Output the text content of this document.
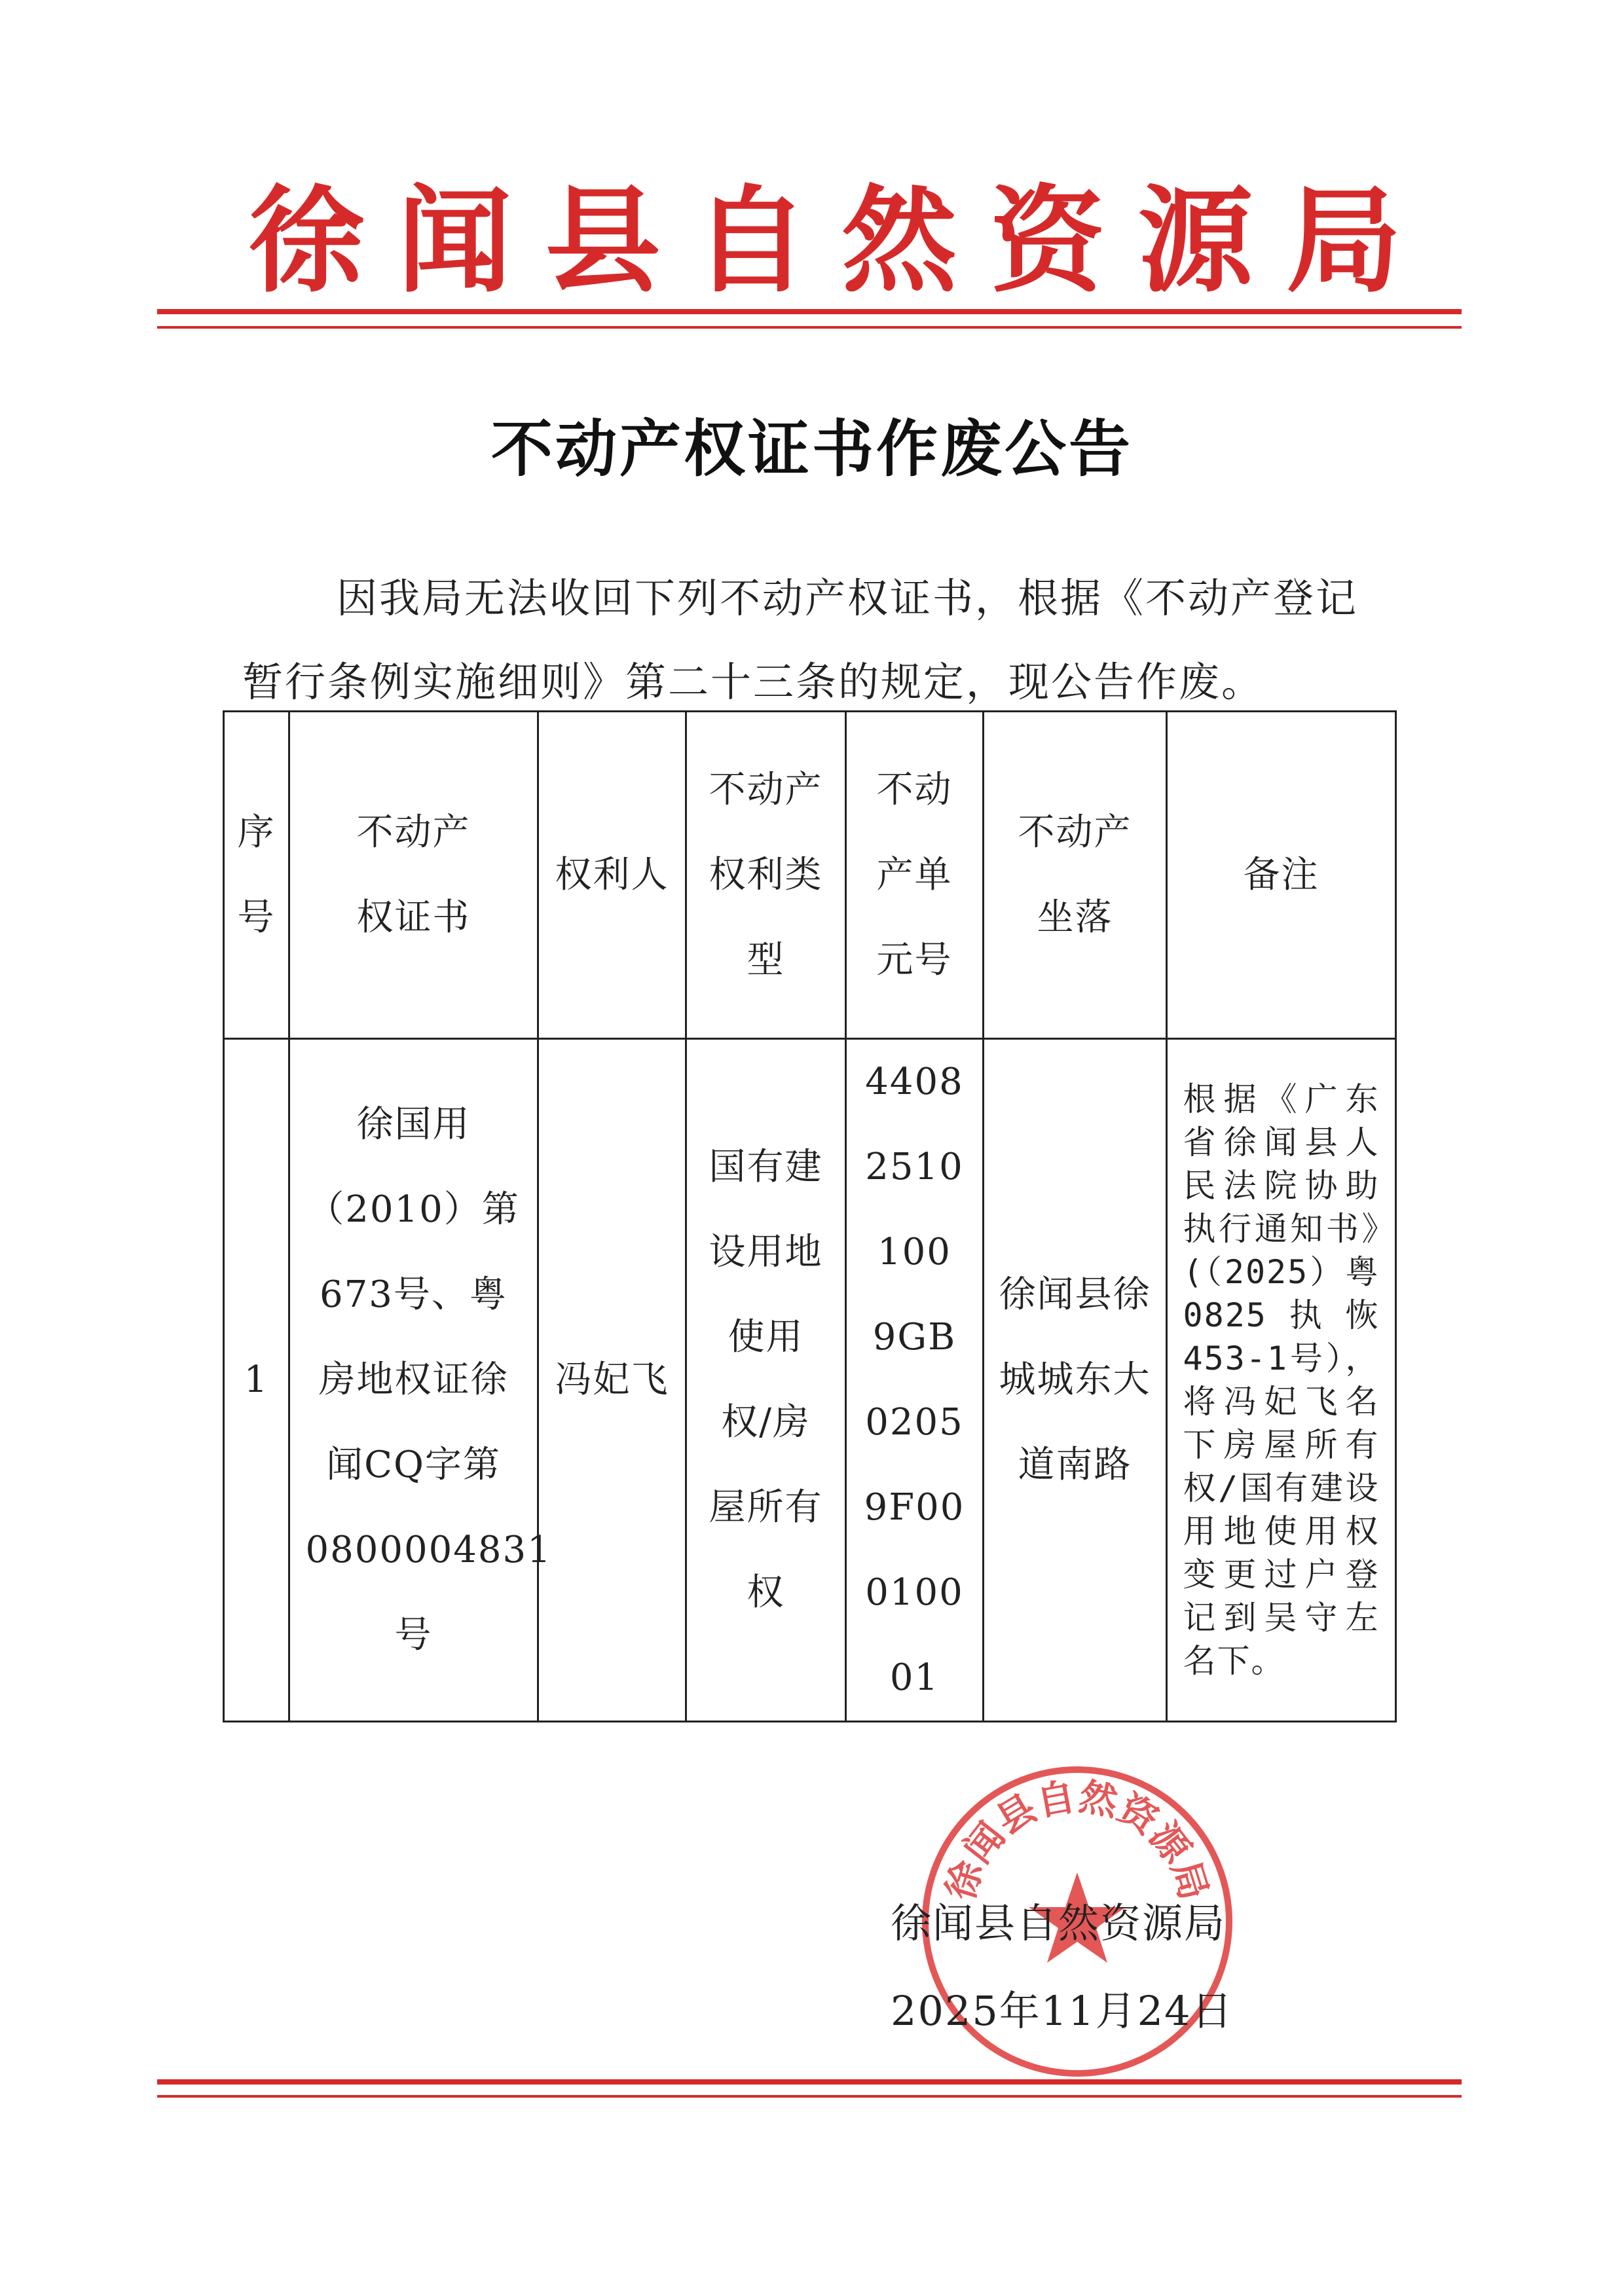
徐 闻 县 自 然 资 源 局
不动产权证书作废公告
因我局无法收回下列不动产权证书，根据《不动产登记
暂行条例实施细则》第二十三条的规定，现公告作废。
序号	不动产权证书	权利人	不动产权利类型	不动产单元号	不动产坐落	备注
1	徐国用（2010）第673号、粤房地权证徐闻CQ字第0800004831号	冯妃飞	国有建设用地使用权/房屋所有权	44082510100 9GB02059F00010001	徐闻县徐城城东大道南路	根据《广东省徐闻县人民法院协助执行通知书》(（2025）粤0825执恢453-1号），将冯妃飞名下房屋所有权/国有建设用地使用权变更过户登记到吴守左名下。
徐闻县自然资源局
徐闻县自然资源局
2025年11月24日
